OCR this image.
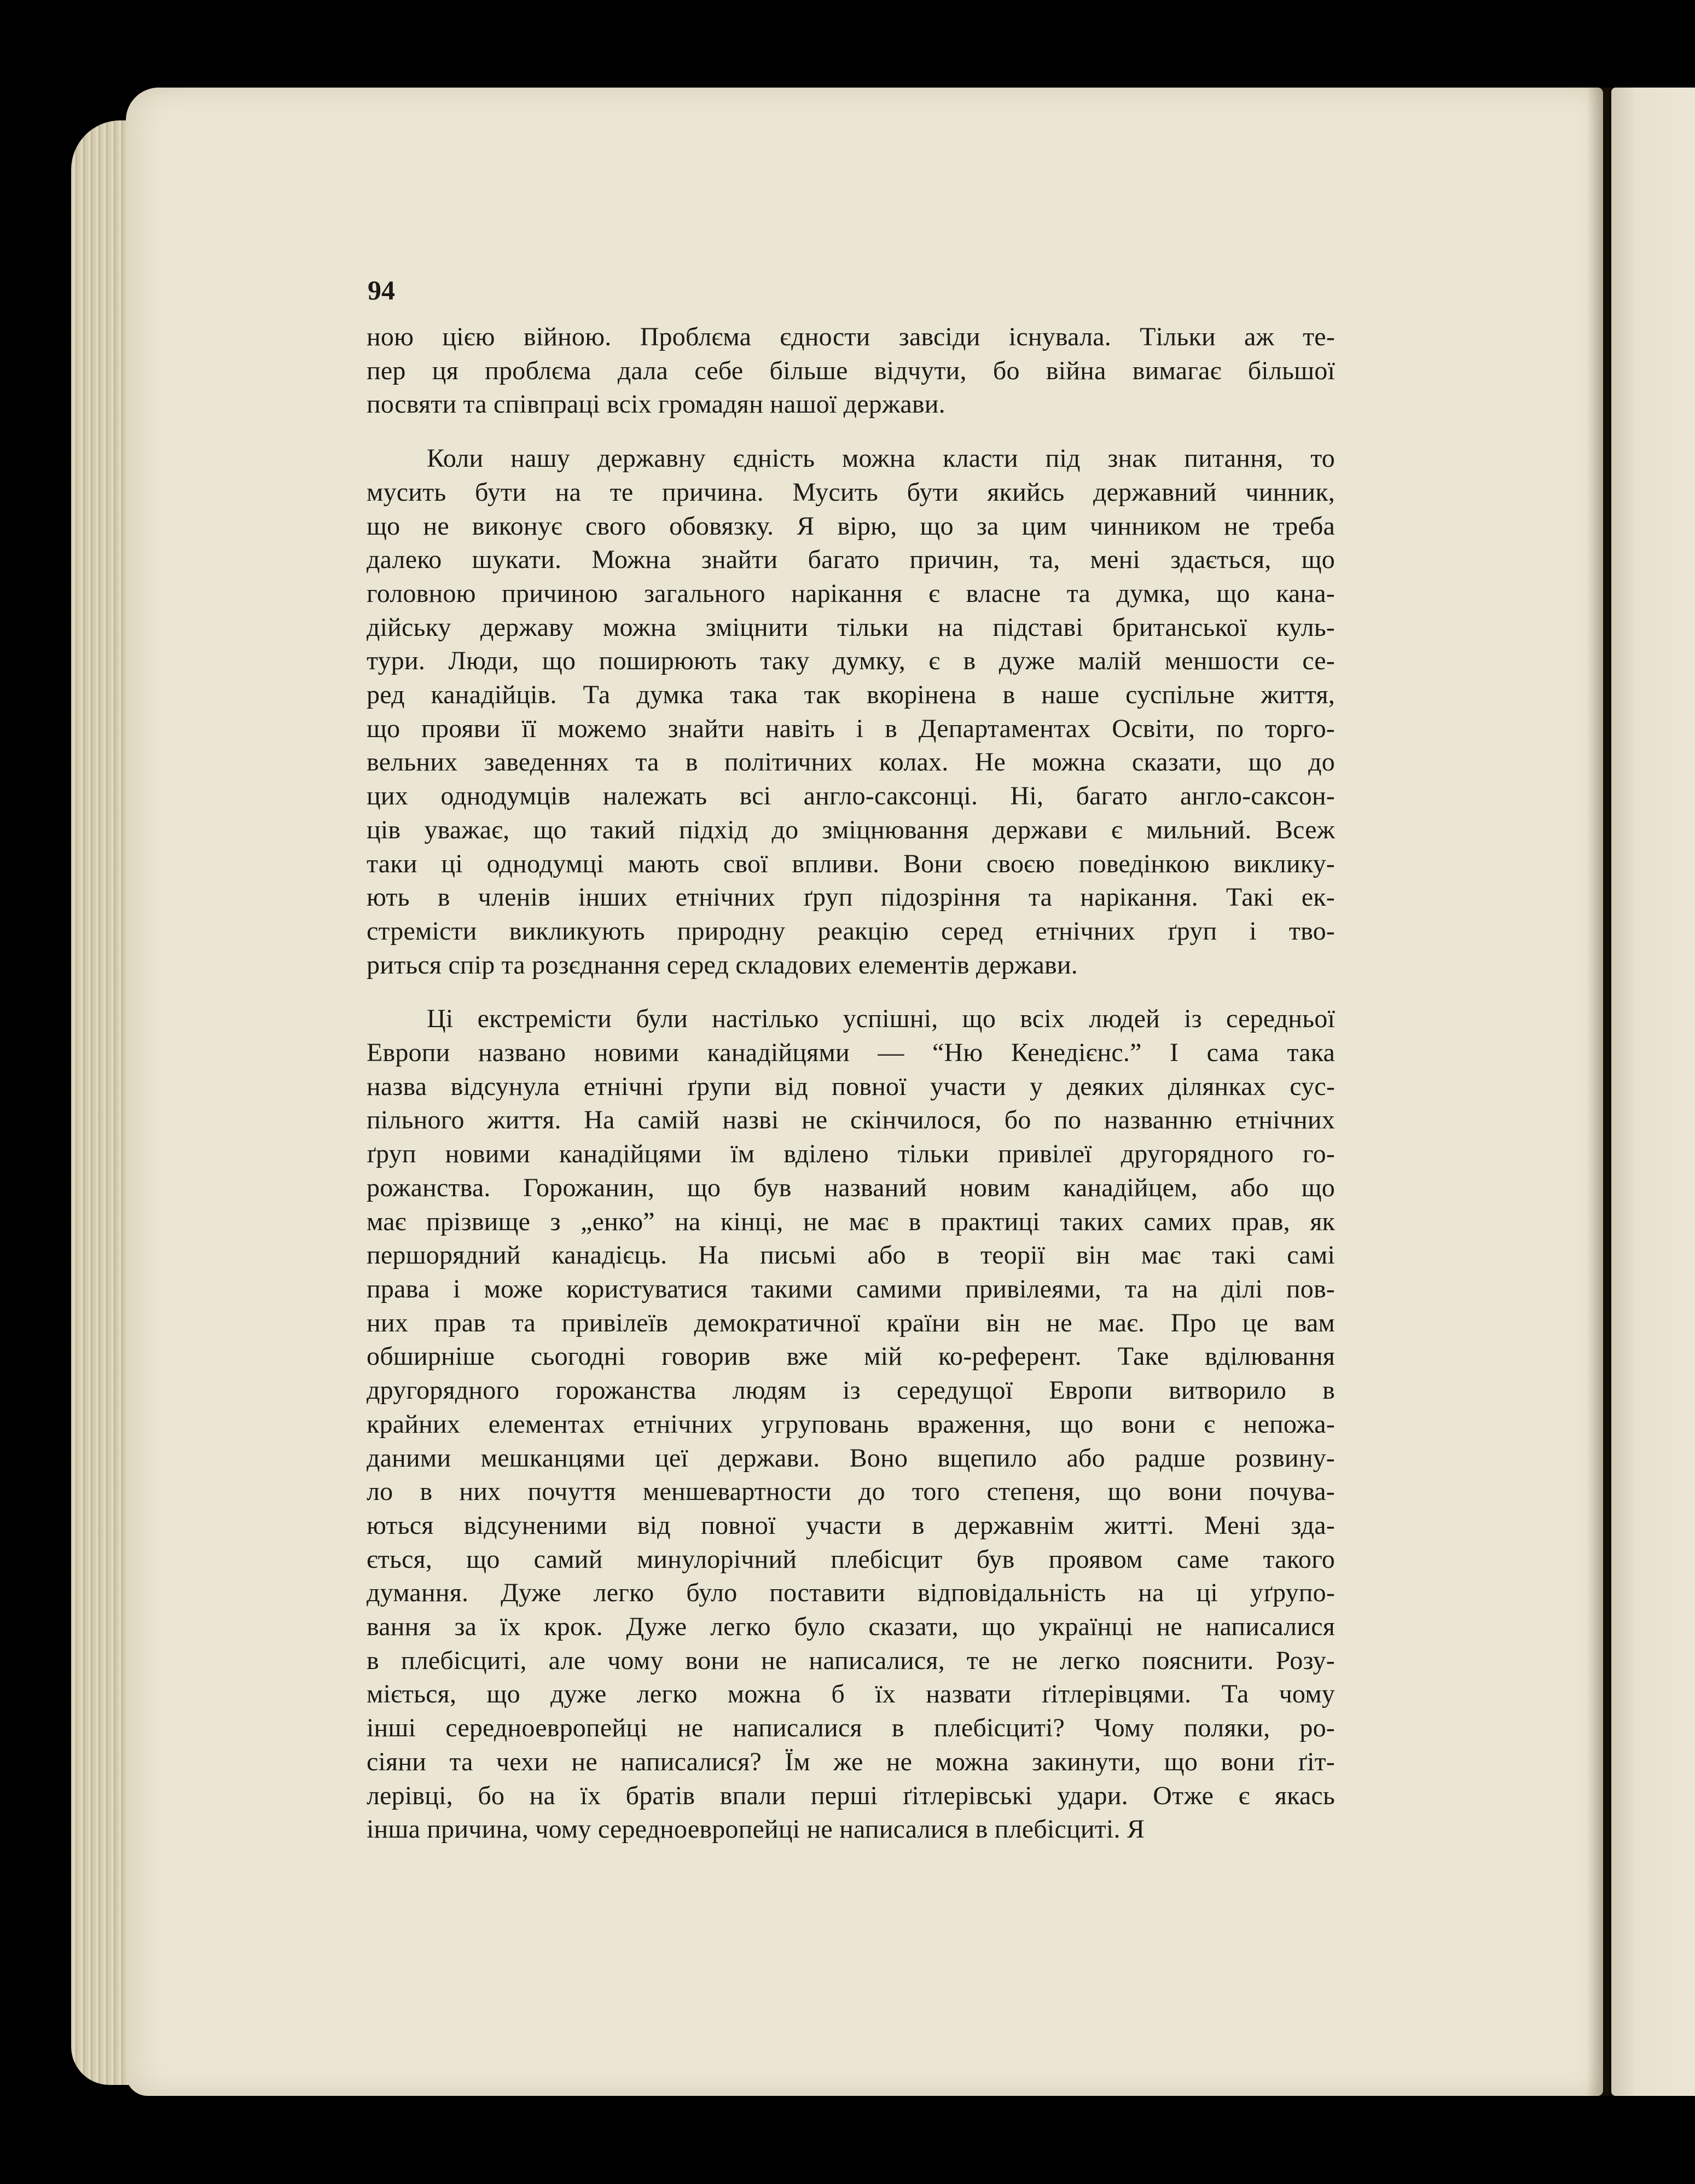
94

ною цією війною. Проблєма єдности завсіди існувала. Тільки аж те-
пер ця проблєма дала себе більше відчути, бо війна вимагає більшої
посвяти та співпраці всіх громадян нашої держави.
Коли нашу державну єдність можна класти під знак питання, то
мусить бути на те причина. Мусить бути якийсь державний чинник,
що не виконує свого обовязку. Я вірю, що за цим чинником не треба
далеко шукати. Можна знайти багато причин, та, мені здається, що
головною причиною загального нарікання є власне та думка, що кана-
дійську державу можна зміцнити тільки на підставі британської куль-
тури. Люди, що поширюють таку думку, є в дуже малій меншости се-
ред канадійців. Та думка така так вкорінена в наше суспільне життя,
що прояви її можемо знайти навіть і в Департаментах Освіти, по торго-
вельних заведеннях та в політичних колах. Не можна сказати, що до
цих однодумців належать всі англо-саксонці. Ні, багато англо-саксон-
ців уважає, що такий підхід до зміцнювання держави є мильний. Всеж
таки ці однодумці мають свої впливи. Вони своєю поведінкою виклику-
ють в членів інших етнічних ґруп підозріння та нарікання. Такі ек-
стремісти викликують природну реакцію серед етнічних ґруп і тво-
риться спір та розєднання серед складових елементів держави.
Ці екстремісти були настілько успішні, що всіх людей із середньої
Европи названо новими канадійцями — “Ню Кенедієнс.” І сама така
назва відсунула етнічні ґрупи від повної участи у деяких ділянках сус-
пільного життя. На самій назві не скінчилося, бо по названню етнічних
ґруп новими канадійцями їм вділено тільки привілеї другорядного го-
рожанства. Горожанин, що був названий новим канадійцем, або що
має прізвище з „енко” на кінці, не має в практиці таких самих прав, як
першорядний канадієць. На письмі або в теорії він має такі самі
права і може користуватися такими самими привілеями, та на ділі пов-
них прав та привілеїв демократичної країни він не має. Про це вам
обширніше сьогодні говорив вже мій ко-референт. Таке вділювання
другорядного горожанства людям із середущої Европи витворило в
крайних елементах етнічних угруповань враження, що вони є непожа-
даними мешканцями цеї держави. Воно вщепило або радше розвину-
ло в них почуття меншевартности до того степеня, що вони почува-
ються відсуненими від повної участи в державнім житті. Мені зда-
ється, що самий минулорічний плебісцит був проявом саме такого
думання. Дуже легко було поставити відповідальність на ці уґрупо-
вання за їх крок. Дуже легко було сказати, що українці не написалися
в плебісциті, але чому вони не написалися, те не легко пояснити. Розу-
міється, що дуже легко можна б їх назвати ґітлерівцями. Та чому
інші середноевропейці не написалися в плебісциті? Чому поляки, ро-
сіяни та чехи не написалися? Їм же не можна закинути, що вони ґіт-
лерівці, бо на їх братів впали перші ґітлерівські удари. Отже є якась
інша причина, чому середноевропейці не написалися в плебісциті. Я
